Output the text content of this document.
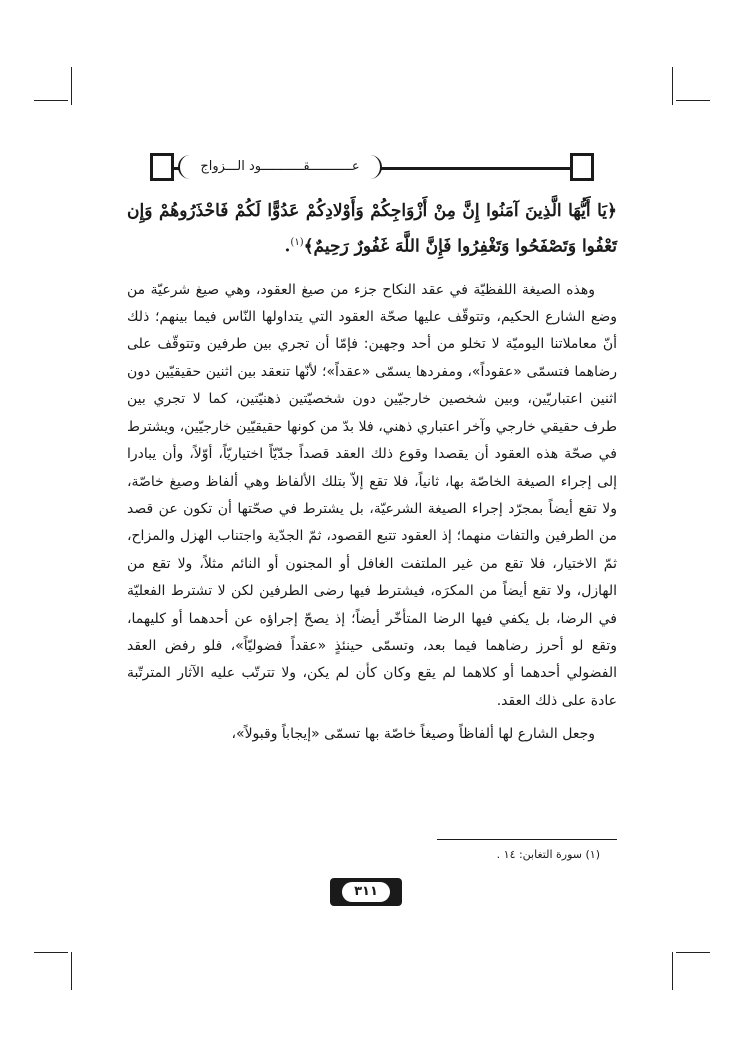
عـــــــــــقـــــــــــود الـــزواج

﴿يَا أَيُّهَا الَّذِينَ آمَنُوا إِنَّ مِنْ أَزْوَاجِكُمْ وَأَوْلادِكُمْ عَدُوًّا لَكُمْ فَاحْذَرُوهُمْ وَإِن تَعْفُوا وَتَصْفَحُوا وَتَغْفِرُوا فَإِنَّ اللَّهَ غَفُورٌ رَحِيمٌ﴾$^{(١)}$.

وهذه الصيغة اللفظيّة في عقد النكاح جزء من صيغ العقود، وهي صيغ شرعيّة من وضع الشارع الحكيم، وتتوقّف عليها صحّة العقود التي يتداولها النّاس فيما بينهم؛ ذلك أنّ معاملاتنا اليوميّة لا تخلو من أحد وجهين: فإمّا أن تجري بين طرفين وتتوقّف على رضاهما فتسمّى «عقوداً»، ومفردها يسمّى «عقداً»؛ لأنّها تنعقد بين اثنين حقيقيّين دون اثنين اعتباريّين، وبين شخصين خارجيّين دون شخصيّتين ذهنيّتين، كما لا تجري بين طرف حقيقي خارجي وآخر اعتباري ذهني، فلا بدّ من كونها حقيقيّين خارجيّين، ويشترط في صحّة هذه العقود أن يقصدا وقوع ذلك العقد قصداً جدّيّاً اختياريّاً، أوّلاً، وأن يبادرا إلى إجراء الصيغة الخاصّة بها، ثانياً، فلا تقع إلاّ بتلك الألفاظ وهي ألفاظ وصيغ خاصّة، ولا تقع أيضاً بمجرّد إجراء الصيغة الشرعيّة، بل يشترط في صحّتها أن تكون عن قصد من الطرفين والتفات منهما؛ إذ العقود تتبع القصود، ثمّ الجدّية واجتناب الهزل والمزاح، ثمّ الاختيار، فلا تقع من غير الملتفت الغافل أو المجنون أو النائم مثلاً، ولا تقع من الهازل، ولا تقع أيضاً من المكرَه، فيشترط فيها رضى الطرفين لكن لا تشترط الفعليّة في الرضا، بل يكفي فيها الرضا المتأخّر أيضاً؛ إذ يصحّ إجراؤه عن أحدهما أو كليهما، وتقع لو أحرز رضاهما فيما بعد، وتسمّى حينئذٍ «عقداً فضوليّاً»، فلو رفض العقد الفضولي أحدهما أو كلاهما لم يقع وكان كأن لم يكن، ولا تترتّب عليه الآثار المترتّبة عادة على ذلك العقد.

وجعل الشارع لها ألفاظاً وصيغاً خاصّة بها تسمّى «إيجاباً وقبولاً»،

(١) سورة التغابن: ١٤ .
٣١١
